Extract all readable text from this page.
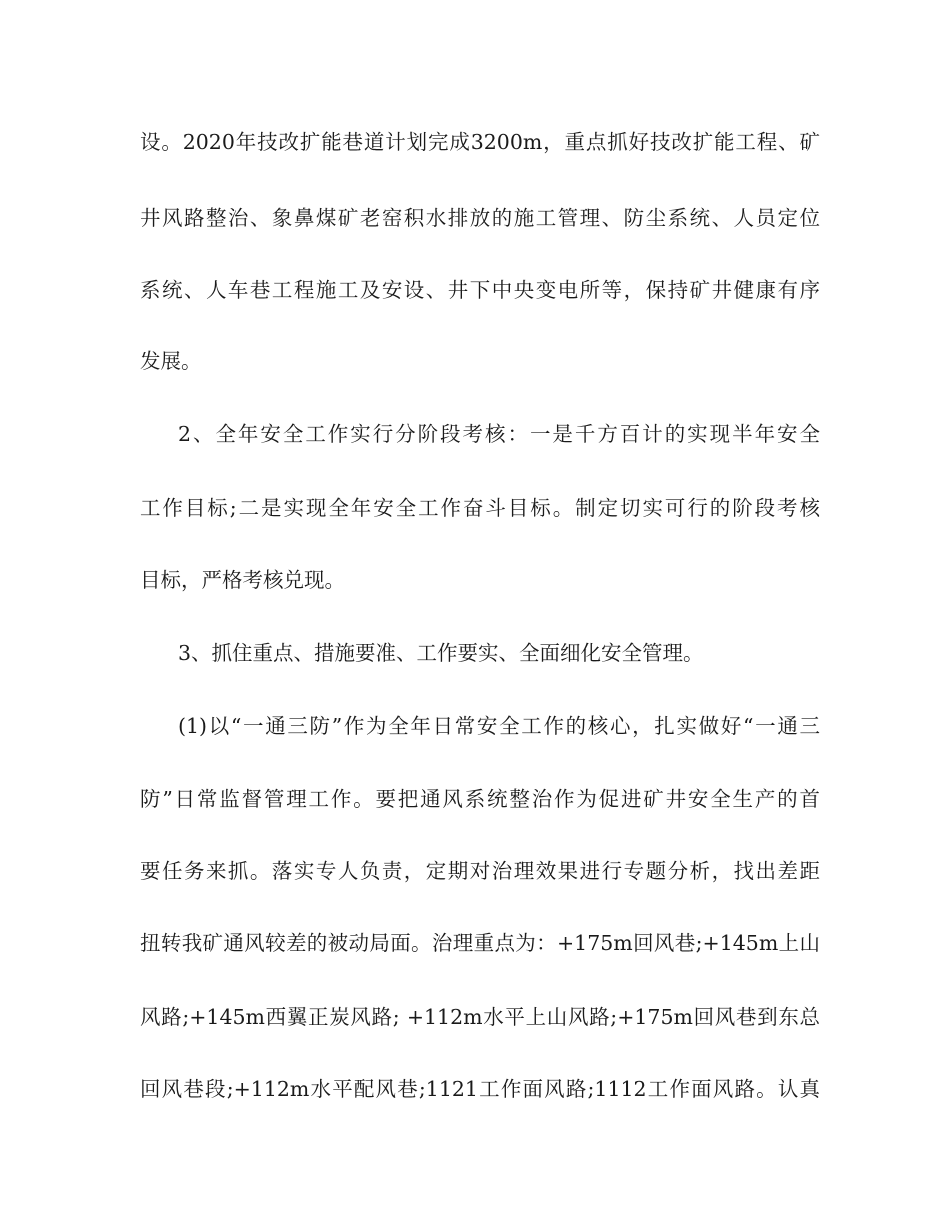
设。2020年技改扩能巷道计划完成3200m，重点抓好技改扩能工程、矿
井风路整治、象鼻煤矿老窑积水排放的施工管理、防尘系统、人员定位
系统、人车巷工程施工及安设、井下中央变电所等，保持矿井健康有序
发展。
2、全年安全工作实行分阶段考核：一是千方百计的实现半年安全
工作目标;二是实现全年安全工作奋斗目标。制定切实可行的阶段考核
目标，严格考核兑现。
3、抓住重点、措施要准、工作要实、全面细化安全管理。
(1)以“一通三防”作为全年日常安全工作的核心，扎实做好“一通三
防”日常监督管理工作。要把通风系统整治作为促进矿井安全生产的首
要任务来抓。落实专人负责，定期对治理效果进行专题分析，找出差距
扭转我矿通风较差的被动局面。治理重点为：+175m回风巷;+145m上山
风路;+145m西翼正炭风路; +112m水平上山风路;+175m回风巷到东总
回风巷段;+112m水平配风巷;1121工作面风路;1112工作面风路。认真
